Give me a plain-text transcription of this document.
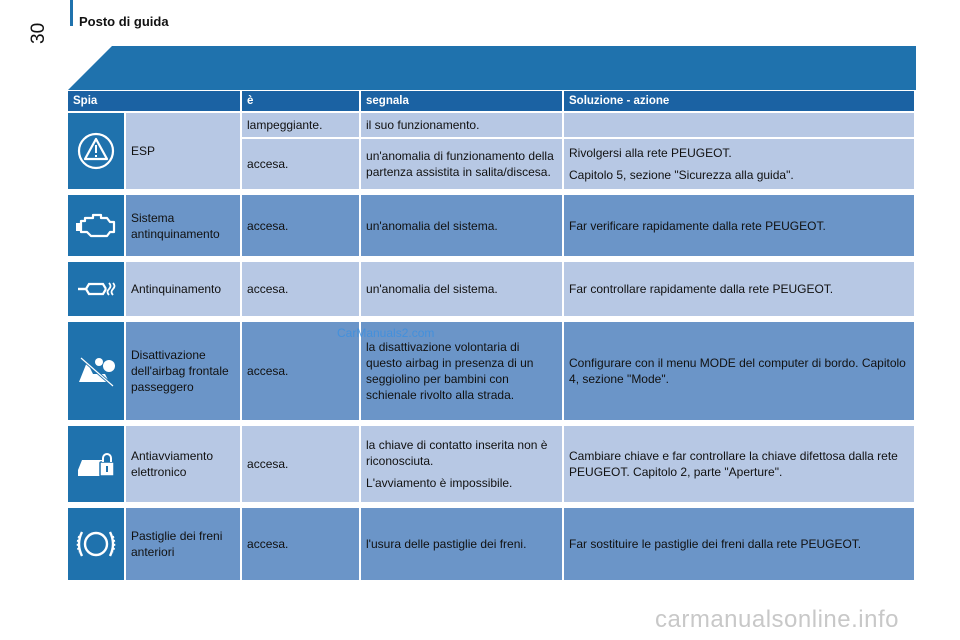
Posto di guida
30
Spia		è	segnala	Soluzione - azione

	ESP	lampeggiante.	il suo funzionamento.	
		accesa.	un'anomalia di funzionamento della partenza assistita in salita/discesa.	Rivolgersi alla rete PEUGEOT.

Capitolo 5, sezione "Sicurezza alla guida".

	Sistema antinquinamento	accesa.	un'anomalia del sistema.	Far verificare rapidamente dalla rete PEUGEOT.

	Antinquinamento	accesa.	un'anomalia del sistema.	Far controllare rapidamente dalla rete PEUGEOT.

	Disattivazione dell'airbag frontale passeggero	accesa.	la disattivazione volontaria di questo airbag in presenza di un seggiolino per bambini con schienale rivolto alla strada.	Configurare con il menu MODE del computer di bordo. Capitolo 4, sezione "Mode".

	Antiavviamento elettronico	accesa.	la chiave di contatto inserita non è riconosciuta.

L'avviamento è impossibile.	Cambiare chiave e far controllare la chiave difettosa dalla rete PEUGEOT. Capitolo 2, parte "Aperture".

	Pastiglie dei freni anteriori	accesa.	l'usura delle pastiglie dei freni.	Far sostituire le pastiglie dei freni dalla rete PEUGEOT.
CarManuals2.com
carmanualsonline.info
